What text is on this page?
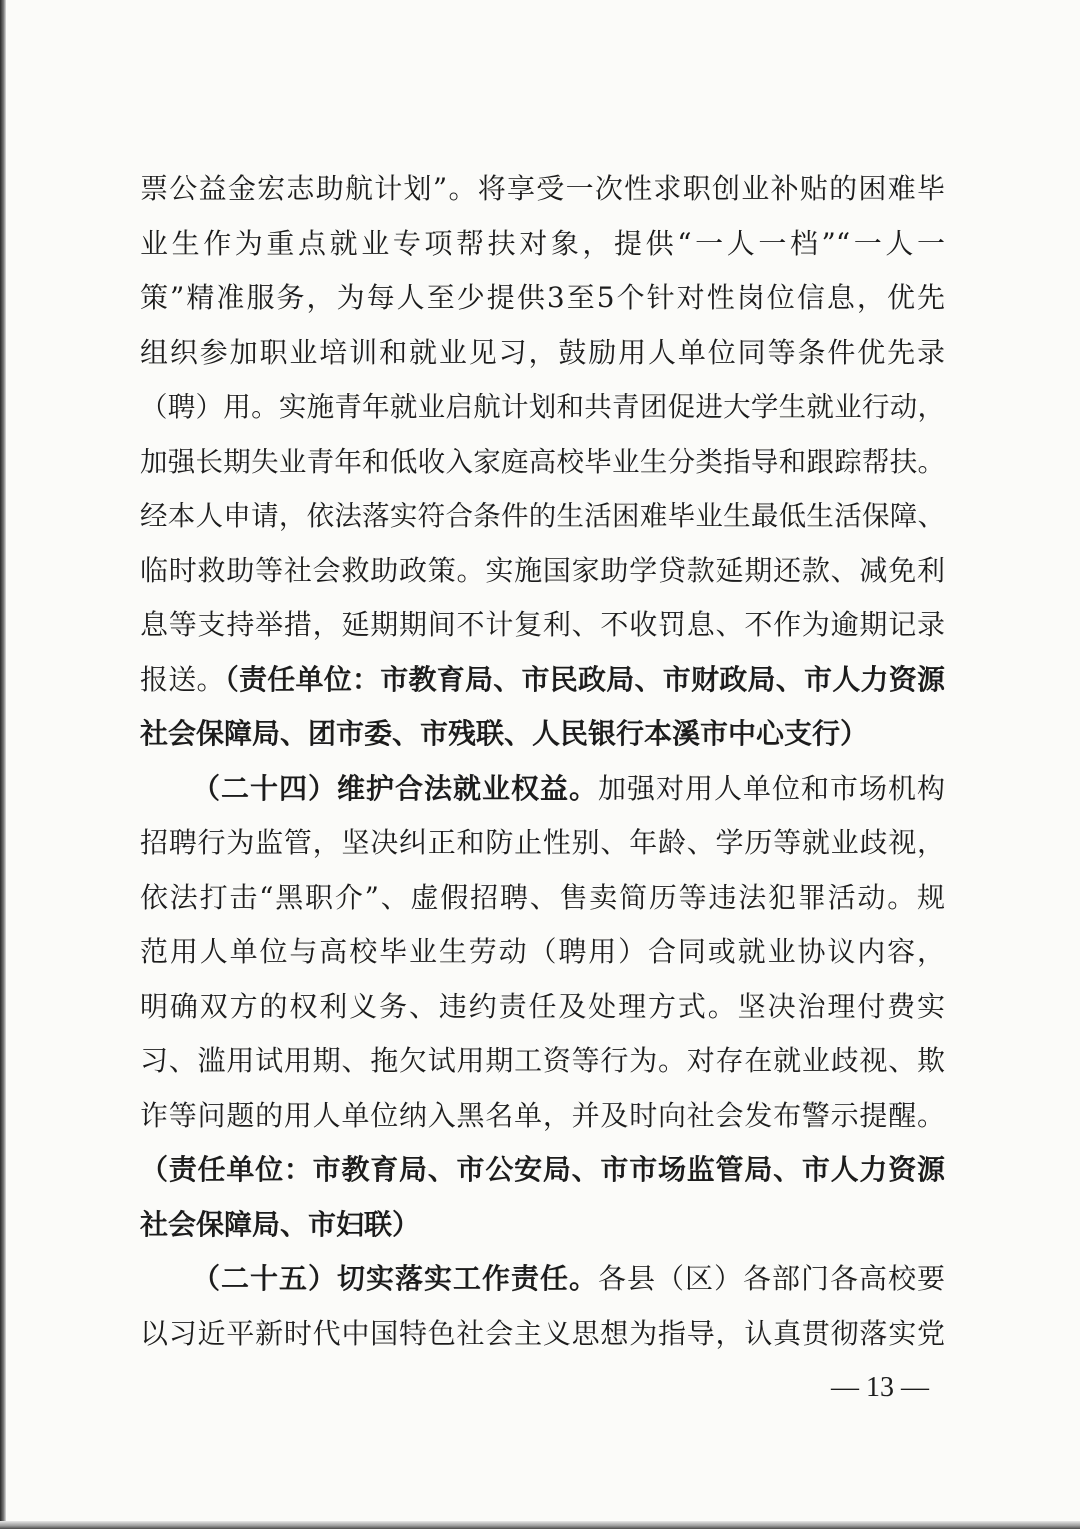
票公益金宏志助航计划”。将享受一次性求职创业补贴的困难毕
业生作为重点就业专项帮扶对象，提供“一人一档”“一人一
策”精准服务，为每人至少提供3至5个针对性岗位信息，优先
组织参加职业培训和就业见习，鼓励用人单位同等条件优先录
（聘）用。实施青年就业启航计划和共青团促进大学生就业行动，
加强长期失业青年和低收入家庭高校毕业生分类指导和跟踪帮扶。
经本人申请，依法落实符合条件的生活困难毕业生最低生活保障、
临时救助等社会救助政策。实施国家助学贷款延期还款、减免利
息等支持举措，延期期间不计复利、不收罚息、不作为逾期记录
报送。（责任单位：市教育局、市民政局、市财政局、市人力资源
社会保障局、团市委、市残联、人民银行本溪市中心支行）
（二十四）维护合法就业权益。加强对用人单位和市场机构
招聘行为监管，坚决纠正和防止性别、年龄、学历等就业歧视，
依法打击“黑职介”、虚假招聘、售卖简历等违法犯罪活动。规
范用人单位与高校毕业生劳动（聘用）合同或就业协议内容，
明确双方的权利义务、违约责任及处理方式。坚决治理付费实
习、滥用试用期、拖欠试用期工资等行为。对存在就业歧视、欺
诈等问题的用人单位纳入黑名单，并及时向社会发布警示提醒。
（责任单位：市教育局、市公安局、市市场监管局、市人力资源
社会保障局、市妇联）
（二十五）切实落实工作责任。各县（区）各部门各高校要
以习近平新时代中国特色社会主义思想为指导，认真贯彻落实党
— 13 —
